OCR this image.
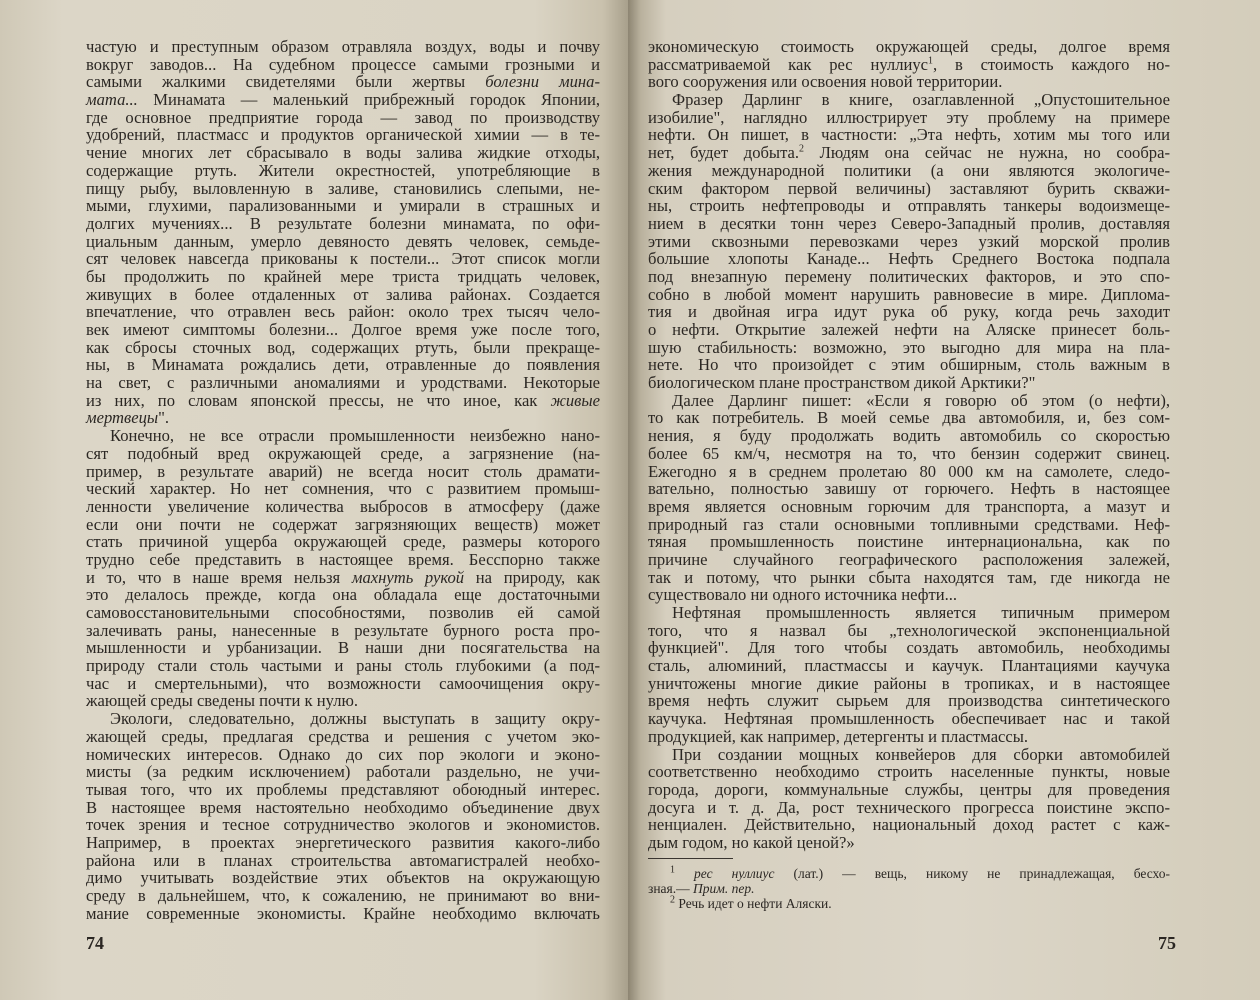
частую и преступным образом отравляла воздух, воды и почву
вокруг заводов... На судебном процессе самыми грозными и
самыми жалкими свидетелями были жертвы болезни мина-
мата... Минамата — маленький прибрежный городок Японии,
где основное предприятие города — завод по производству
удобрений, пластмасс и продуктов органической химии — в те-
чение многих лет сбрасывало в воды залива жидкие отходы,
содержащие ртуть. Жители окрестностей, употребляющие в
пищу рыбу, выловленную в заливе, становились слепыми, не-
мыми, глухими, парализованными и умирали в страшных и
долгих мучениях... В результате болезни минамата, по офи-
циальным данным, умерло девяносто девять человек, семьде-
сят человек навсегда прикованы к постели... Этот список могли
бы продолжить по крайней мере триста тридцать человек,
живущих в более отдаленных от залива районах. Создается
впечатление, что отравлен весь район: около трех тысяч чело-
век имеют симптомы болезни... Долгое время уже после того,
как сбросы сточных вод, содержащих ртуть, были прекраще-
ны, в Минамата рождались дети, отравленные до появления
на свет, с различными аномалиями и уродствами. Некоторые
из них, по словам японской прессы, не что иное, как живые
мертвецы".
Конечно, не все отрасли промышленности неизбежно нано-
сят подобный вред окружающей среде, а загрязнение (на-
пример, в результате аварий) не всегда носит столь драмати-
ческий характер. Но нет сомнения, что с развитием промыш-
ленности увеличение количества выбросов в атмосферу (даже
если они почти не содержат загрязняющих веществ) может
стать причиной ущерба окружающей среде, размеры которого
трудно себе представить в настоящее время. Бесспорно также
и то, что в наше время нельзя махнуть рукой на природу, как
это делалось прежде, когда она обладала еще достаточными
самовосстановительными способностями, позволив ей самой
залечивать раны, нанесенные в результате бурного роста про-
мышленности и урбанизации. В наши дни посягательства на
природу стали столь частыми и раны столь глубокими (а под-
час и смертельными), что возможности самоочищения окру-
жающей среды сведены почти к нулю.
Экологи, следовательно, должны выступать в защиту окру-
жающей среды, предлагая средства и решения с учетом эко-
номических интересов. Однако до сих пор экологи и эконо-
мисты (за редким исключением) работали раздельно, не учи-
тывая того, что их проблемы представляют обоюдный интерес.
В настоящее время настоятельно необходимо объединение двух
точек зрения и тесное сотрудничество экологов и экономистов.
Например, в проектах энергетического развития какого-либо
района или в планах строительства автомагистралей необхо-
димо учитывать воздействие этих объектов на окружающую
среду в дальнейшем, что, к сожалению, не принимают во вни-
мание современные экономисты. Крайне необходимо включать
74
экономическую стоимость окружающей среды, долгое время
рассматриваемой как рес нуллиус$^1$, в стоимость каждого но-
вого сооружения или освоения новой территории.
Фразер Дарлинг в книге, озаглавленной „Опустошительное
изобилие", наглядно иллюстрирует эту проблему на примере
нефти. Он пишет, в частности: „Эта нефть, хотим мы того или
нет, будет добыта.$^2$ Людям она сейчас не нужна, но сообра-
жения международной политики (а они являются экологиче-
ским фактором первой величины) заставляют бурить скважи-
ны, строить нефтепроводы и отправлять танкеры водоизмеще-
нием в десятки тонн через Северо-Западный пролив, доставляя
этими сквозными перевозками через узкий морской пролив
большие хлопоты Канаде... Нефть Среднего Востока подпала
под внезапную перемену политических факторов, и это спо-
собно в любой момент нарушить равновесие в мире. Диплома-
тия и двойная игра идут рука об руку, когда речь заходит
о нефти. Открытие залежей нефти на Аляске принесет боль-
шую стабильность: возможно, это выгодно для мира на пла-
нете. Но что произойдет с этим обширным, столь важным в
биологическом плане пространством дикой Арктики?"
Далее Дарлинг пишет: «Если я говорю об этом (о нефти),
то как потребитель. В моей семье два автомобиля, и, без сом-
нения, я буду продолжать водить автомобиль со скоростью
более 65 км/ч, несмотря на то, что бензин содержит свинец.
Ежегодно я в среднем пролетаю 80 000 км на самолете, следо-
вательно, полностью завишу от горючего. Нефть в настоящее
время является основным горючим для транспорта, а мазут и
природный газ стали основными топливными средствами. Неф-
тяная промышленность поистине интернациональна, как по
причине случайного географического расположения залежей,
так и потому, что рынки сбыта находятся там, где никогда не
существовало ни одного источника нефти...
Нефтяная промышленность является типичным примером
того, что я назвал бы „технологической экспоненциальной
функцией". Для того чтобы создать автомобиль, необходимы
сталь, алюминий, пластмассы и каучук. Плантациями каучука
уничтожены многие дикие районы в тропиках, и в настоящее
время нефть служит сырьем для производства синтетического
каучука. Нефтяная промышленность обеспечивает нас и такой
продукцией, как например, детергенты и пластмассы.
При создании мощных конвейеров для сборки автомобилей
соответственно необходимо строить населенные пункты, новые
города, дороги, коммунальные службы, центры для проведения
досуга и т. д. Да, рост технического прогресса поистине экспо-
ненциален. Действительно, национальный доход растет с каж-
дым годом, но какой ценой?»
$^1$ рес нуллиус (лат.) — вещь, никому не принадлежащая, бесхо-
зная.— Прим. пер.
$^2$ Речь идет о нефти Аляски.
75
